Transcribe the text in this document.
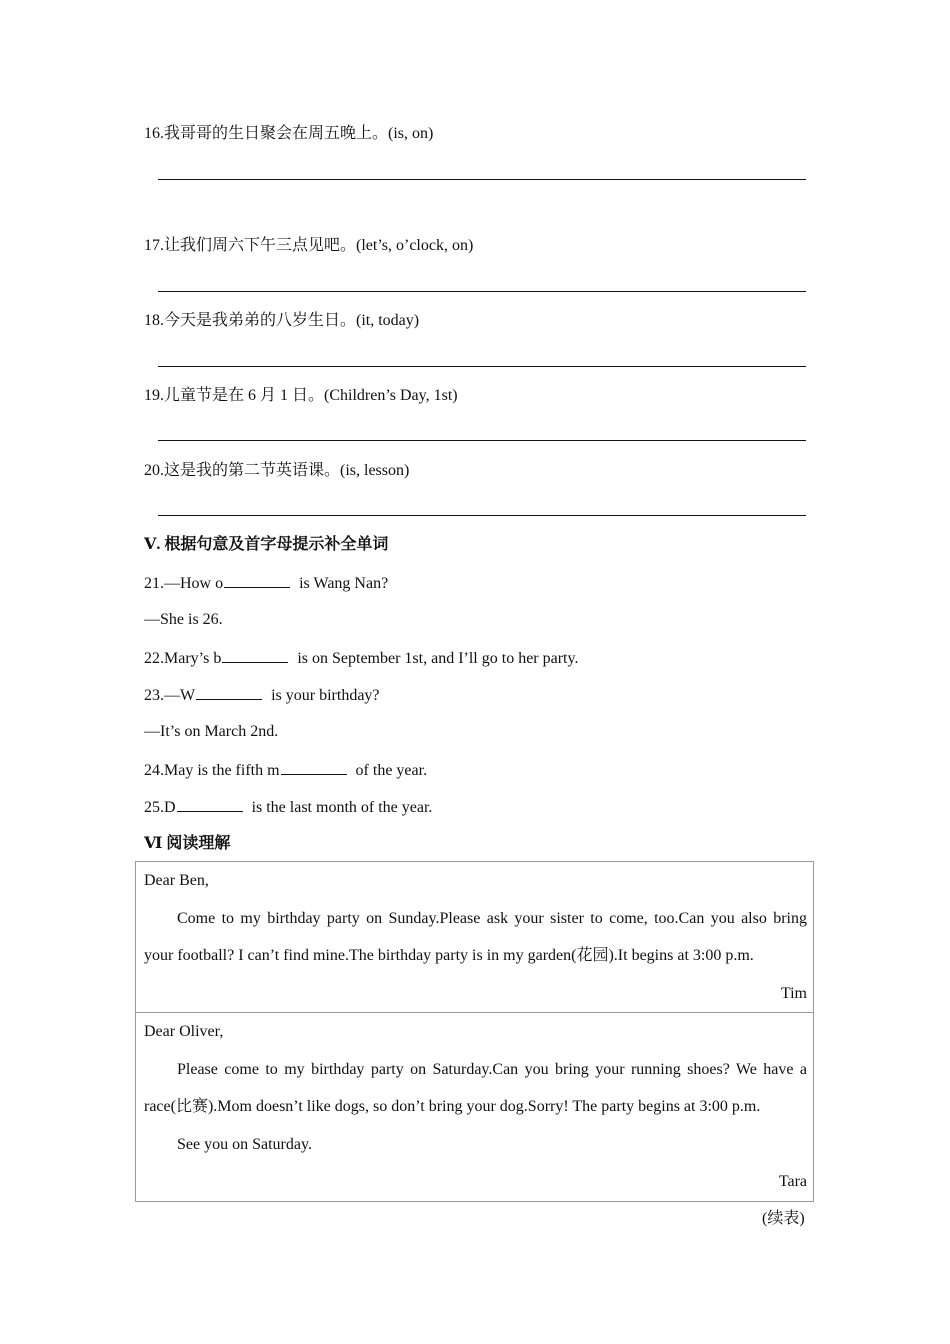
16.我哥哥的生日聚会在周五晚上。(is, on)
17.让我们周六下午三点见吧。(let’s, o’clock, on)
18.今天是我弟弟的八岁生日。(it, today)
19.儿童节是在 6 月 1 日。(Children’s Day, 1st)
20.这是我的第二节英语课。(is, lesson)
Ⅴ. 根据句意及首字母提示补全单词
21.—How o	is Wang Nan?
—She is 26.
22.Mary’s b	is on September 1st, and I’ll go to her party.
23.—W	is your birthday?
—It’s on March 2nd.
24.May is the fifth m	of the year.
25.D	is the last month of the year.
Ⅵ 阅读理解
Dear Ben,
Come to my birthday party on Sunday.Please ask your sister to come, too.Can you also bring
your football? I can’t find mine.The birthday party is in my garden(花园).It begins at 3:00 p.m.
Tim
Dear Oliver,
Please come to my birthday party on Saturday.Can you bring your running shoes? We have a
race(比赛).Mom doesn’t like dogs, so don’t bring your dog.Sorry! The party begins at 3:00 p.m.
See you on Saturday.
Tara
(续表)
